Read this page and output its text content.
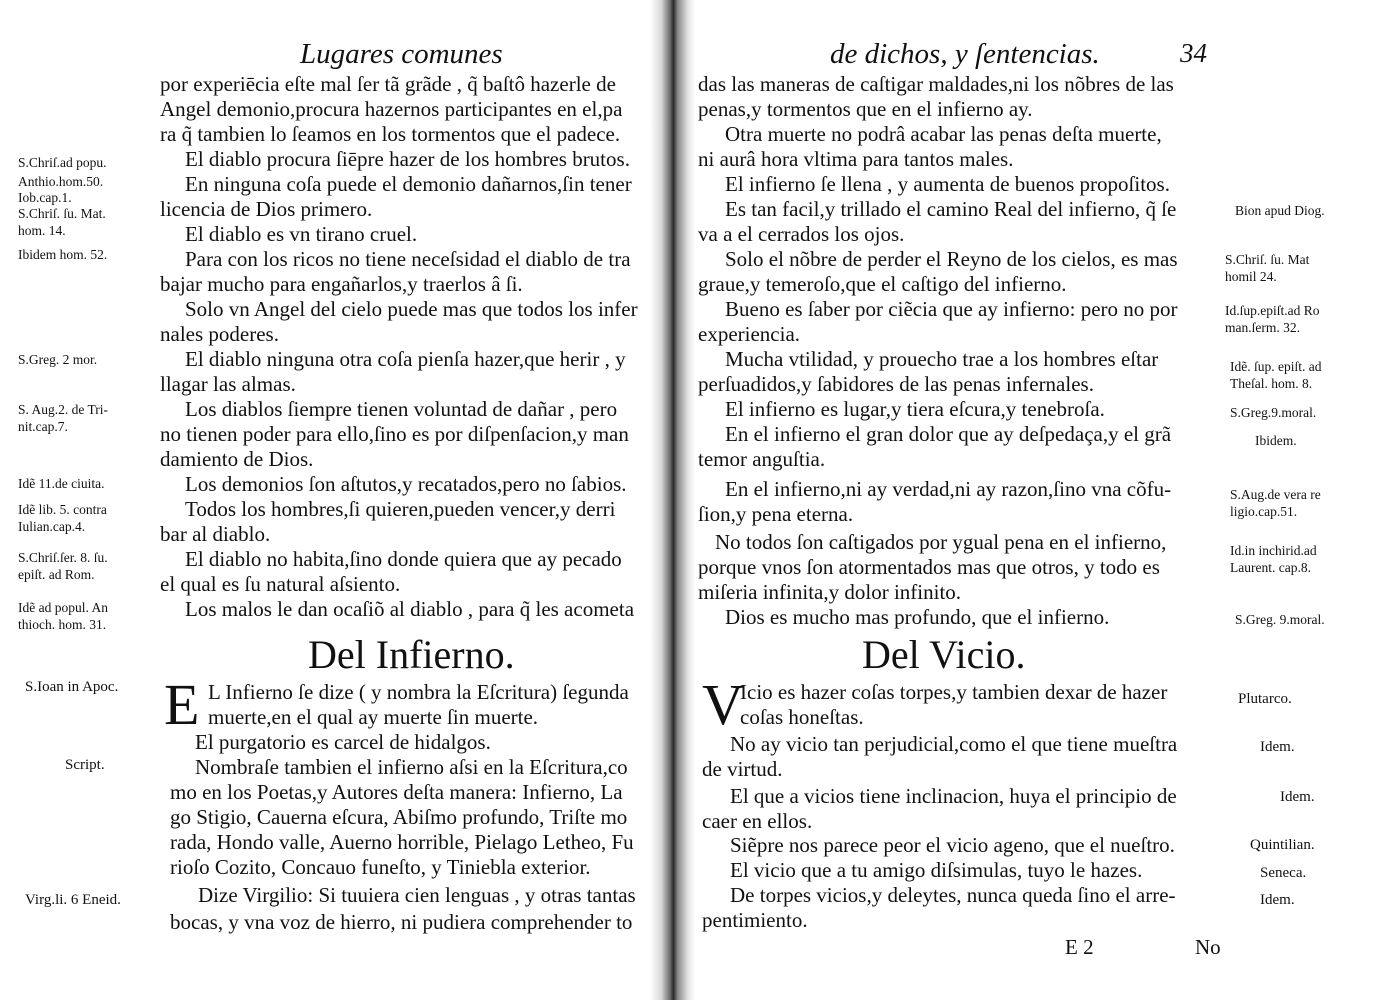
Lugares comunes
por experiēcia eſte mal ſer tã grãde , q̃ baſtô hazerle de
Angel demonio,procura hazernos participantes en el,pa
ra q̃ tambien lo ſeamos en los tormentos que el padece.
El diablo procura ſiēpre hazer de los hombres brutos.
En ninguna coſa puede el demonio dañarnos,ſin tener
licencia de Dios primero.
El diablo es vn tirano cruel.
Para con los ricos no tiene neceſsidad el diablo de tra
bajar mucho para engañarlos,y traerlos â ſi.
Solo vn Angel del cielo puede mas que todos los infer
nales poderes.
El diablo ninguna otra coſa pienſa hazer,que herir , y
llagar las almas.
Los diablos ſiempre tienen voluntad de dañar , pero
no tienen poder para ello,ſino es por diſpenſacion,y man
damiento de Dios.
Los demonios ſon aſtutos,y recatados,pero no ſabios.
Todos los hombres,ſi quieren,pueden vencer,y derri
bar al diablo.
El diablo no habita,ſino donde quiera que ay pecado
el qual es ſu natural aſsiento.
Los malos le dan ocaſiõ al diablo , para q̃ les acometa
S.Chriſ.ad popu.
Anthio.hom.50.
Iob.cap.1.
S.Chriſ. ſu. Mat.
hom. 14.
Ibidem hom. 52.
S.Greg. 2 mor.
S. Aug.2. de Tri-
nit.cap.7.
Idẽ 11.de ciuita.
Idẽ lib. 5. contra
Iulian.cap.4.
S.Chriſ.ſer. 8. ſu.
epiſt. ad Rom.
Idẽ ad popul. An
thioch. hom. 31.
Del Infierno.
E L Infierno ſe dize ( y nombra la Eſcritura) ſegunda
muerte,en el qual ay muerte ſin muerte.
El purgatorio es carcel de hidalgos.
Nombraſe tambien el infierno aſsi en la Eſcritura,co
mo en los Poetas,y Autores deſta manera: Infierno, La
go Stigio, Cauerna eſcura, Abiſmo profundo, Triſte mo
rada, Hondo valle, Auerno horrible, Pielago Letheo, Fu
rioſo Cozito, Concauo funeſto, y Tiniebla exterior.
Dize Virgilio: Si tuuiera cien lenguas , y otras tantas
bocas, y vna voz de hierro, ni pudiera comprehender to
S.Ioan in Apoc.
Script.
Virg.li. 6 Eneid.
de dichos, y ſentencias.	34
das las maneras de caſtigar maldades,ni los nõbres de las
penas,y tormentos que en el infierno ay.
Otra muerte no podrâ acabar las penas deſta muerte,
ni aurâ hora vltima para tantos males.
El infierno ſe llena , y aumenta de buenos propoſitos.
Es tan facil,y trillado el camino Real del infierno, q̃ ſe
va a el cerrados los ojos.
Solo el nõbre de perder el Reyno de los cielos, es mas
graue,y temeroſo,que el caſtigo del infierno.
Bueno es ſaber por ciẽcia que ay infierno: pero no por
experiencia.
Mucha vtilidad, y prouecho trae a los hombres eſtar
perſuadidos,y ſabidores de las penas infernales.
El infierno es lugar,y tiera eſcura,y tenebroſa.
En el infierno el gran dolor que ay deſpedaça,y el grã
temor anguſtia.
En el infierno,ni ay verdad,ni ay razon,ſino vna cõfu-
ſion,y pena eterna.
No todos ſon caſtigados por ygual pena en el infierno,
porque vnos ſon atormentados mas que otros, y todo es
miſeria infinita,y dolor infinito.
Dios es mucho mas profundo, que el infierno.
Bion apud Diog.
S.Chriſ. ſu. Mat
homil 24.
Id.ſup.epiſt.ad Ro
man.ſerm. 32.
Idẽ. ſup. epiſt. ad
Theſal. hom. 8.
S.Greg.9.moral.
Ibidem.
S.Aug.de vera re
ligio.cap.51.
Id.in inchirid.ad
Laurent. cap.8.
S.Greg. 9.moral.
Del Vicio.
V
Icio es hazer coſas torpes,y tambien dexar de hazer
coſas honeſtas.
No ay vicio tan perjudicial,como el que tiene mueſtra
de virtud.
El que a vicios tiene inclinacion, huya el principio de
caer en ellos.
Siẽpre nos parece peor el vicio ageno, que el nueſtro.
El vicio que a tu amigo diſsimulas, tuyo le hazes.
De torpes vicios,y deleytes, nunca queda ſino el arre-
pentimiento.
Plutarco.
Idem.
Idem.
Quintilian.
Seneca.
Idem.
E 2	No
